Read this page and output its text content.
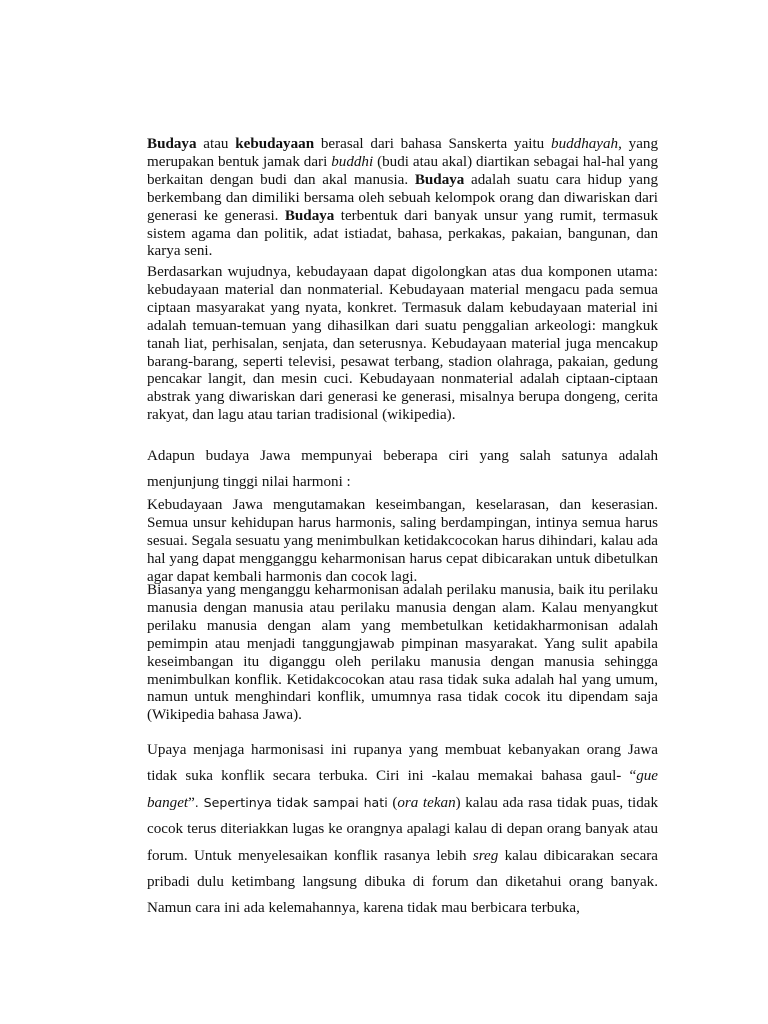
Budaya atau kebudayaan berasal dari bahasa Sanskerta yaitu buddhayah, yang merupakan bentuk jamak dari buddhi (budi atau akal) diartikan sebagai hal-hal yang berkaitan dengan budi dan akal manusia. Budaya adalah suatu cara hidup yang berkembang dan dimiliki bersama oleh sebuah kelompok orang dan diwariskan dari generasi ke generasi. Budaya terbentuk dari banyak unsur yang rumit, termasuk sistem agama dan politik, adat istiadat, bahasa, perkakas, pakaian, bangunan, dan karya seni.

Berdasarkan wujudnya, kebudayaan dapat digolongkan atas dua komponen utama: kebudayaan material dan nonmaterial. Kebudayaan material mengacu pada semua ciptaan masyarakat yang nyata, konkret. Termasuk dalam kebudayaan material ini adalah temuan-temuan yang dihasilkan dari suatu penggalian arkeologi: mangkuk tanah liat, perhisalan, senjata, dan seterusnya. Kebudayaan material juga mencakup barang-barang, seperti televisi, pesawat terbang, stadion olahraga, pakaian, gedung pencakar langit, dan mesin cuci. Kebudayaan nonmaterial adalah ciptaan-ciptaan abstrak yang diwariskan dari generasi ke generasi, misalnya berupa dongeng, cerita rakyat, dan lagu atau tarian tradisional (wikipedia).

Adapun budaya Jawa mempunyai beberapa ciri yang salah satunya adalah menjunjung tinggi nilai harmoni :

Kebudayaan Jawa mengutamakan keseimbangan, keselarasan, dan keserasian. Semua unsur kehidupan harus harmonis, saling berdampingan, intinya semua harus sesuai. Segala sesuatu yang menimbulkan ketidakcocokan harus dihindari, kalau ada hal yang dapat mengganggu keharmonisan harus cepat dibicarakan untuk dibetulkan agar dapat kembali harmonis dan cocok lagi.

Biasanya yang menganggu keharmonisan adalah perilaku manusia, baik itu perilaku manusia dengan manusia atau perilaku manusia dengan alam. Kalau menyangkut perilaku manusia dengan alam yang membetulkan ketidakharmonisan adalah pemimpin atau menjadi tanggungjawab pimpinan masyarakat. Yang sulit apabila keseimbangan itu diganggu oleh perilaku manusia dengan manusia sehingga menimbulkan konflik. Ketidakcocokan atau rasa tidak suka adalah hal yang umum, namun untuk menghindari konflik, umumnya rasa tidak cocok itu dipendam saja (Wikipedia bahasa Jawa).

Upaya menjaga harmonisasi ini rupanya yang membuat kebanyakan orang Jawa tidak suka konflik secara terbuka. Ciri ini -kalau memakai bahasa gaul- “gue banget”. Sepertinya tidak sampai hati (ora tekan) kalau ada rasa tidak puas, tidak cocok terus diteriakkan lugas ke orangnya apalagi kalau di depan orang banyak atau forum. Untuk menyelesaikan konflik rasanya lebih sreg kalau dibicarakan secara pribadi dulu ketimbang langsung dibuka di forum dan diketahui orang banyak. Namun cara ini ada kelemahannya, karena tidak mau berbicara terbuka,
